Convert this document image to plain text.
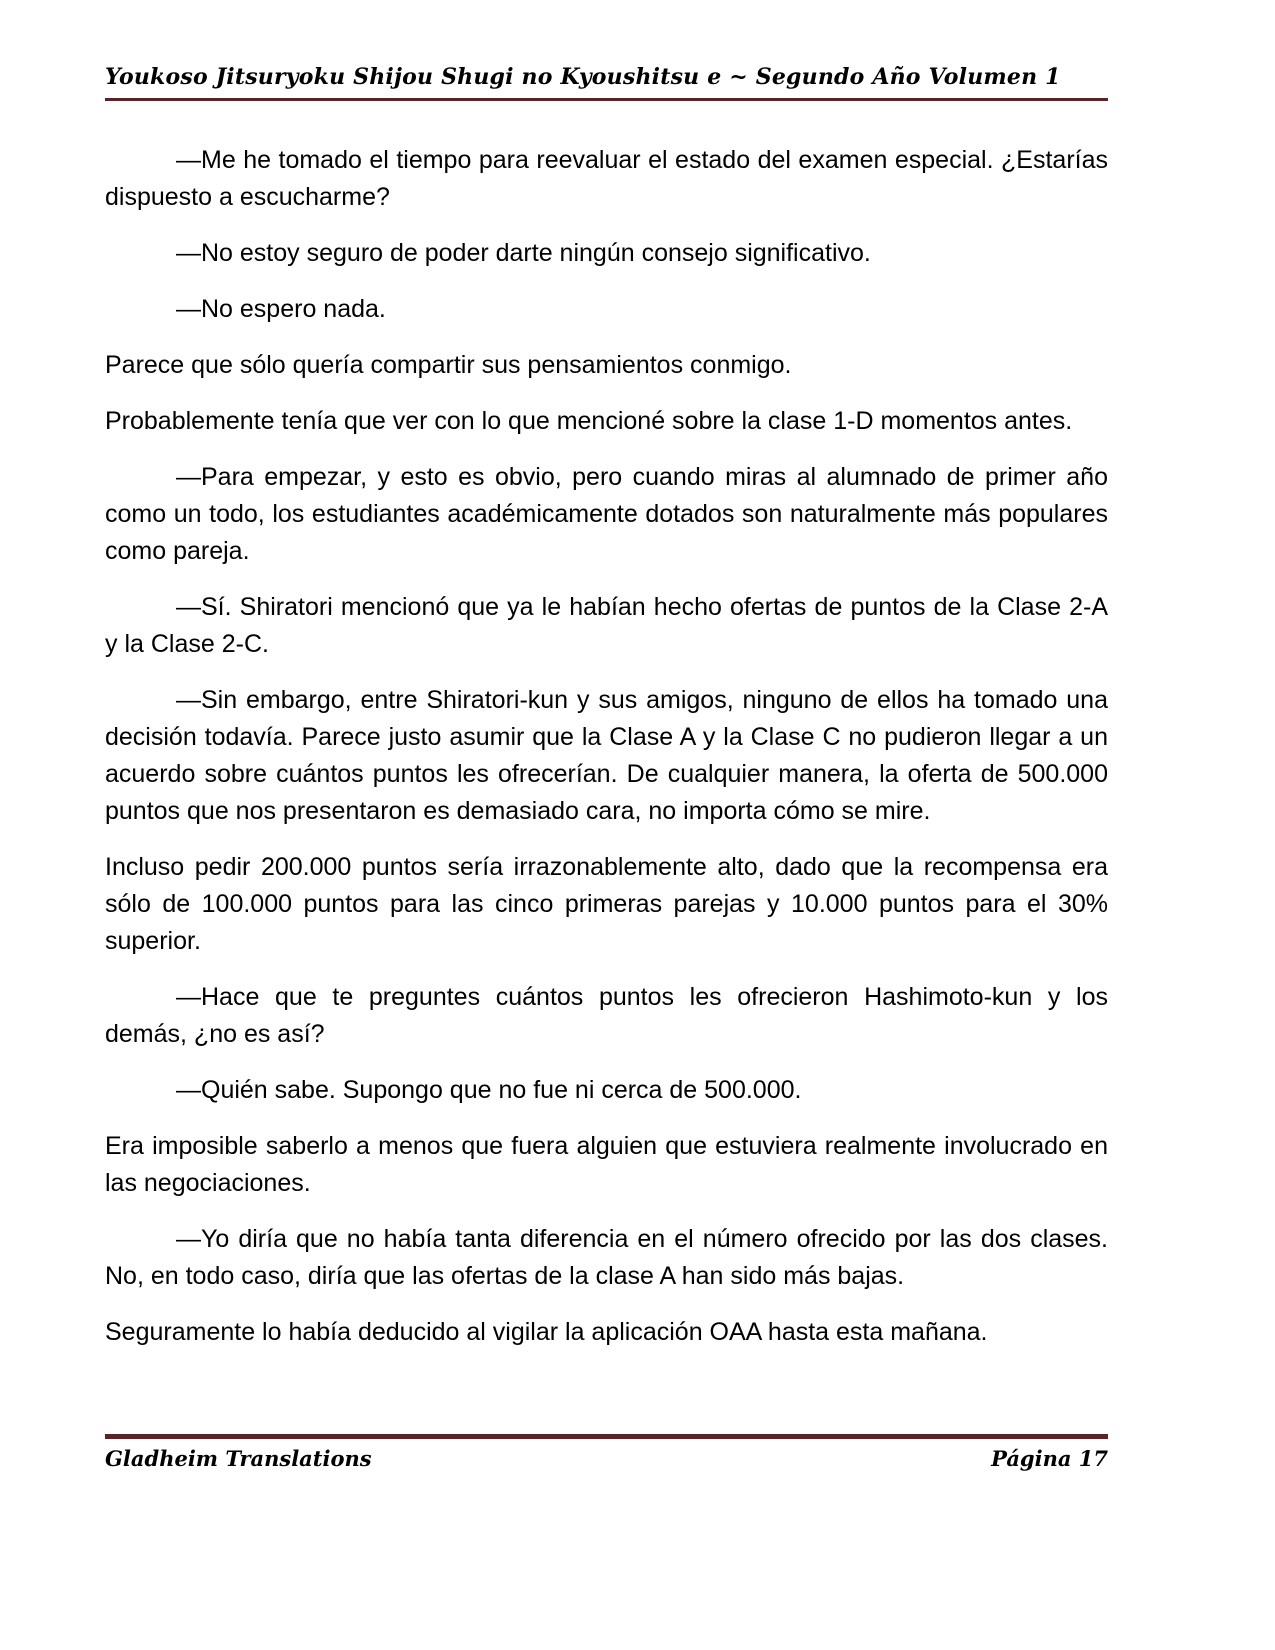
Youkoso Jitsuryoku Shijou Shugi no Kyoushitsu e ~ Segundo Año Volumen 1

—Me he tomado el tiempo para reevaluar el estado del examen especial. ¿Estarías dispuesto a escucharme?

—No estoy seguro de poder darte ningún consejo significativo.

—No espero nada.

Parece que sólo quería compartir sus pensamientos conmigo.

Probablemente tenía que ver con lo que mencioné sobre la clase 1-D momentos antes.

—Para empezar, y esto es obvio, pero cuando miras al alumnado de primer año como un todo, los estudiantes académicamente dotados son naturalmente más populares como pareja.

—Sí. Shiratori mencionó que ya le habían hecho ofertas de puntos de la Clase 2-A y la Clase 2-C.

—Sin embargo, entre Shiratori-kun y sus amigos, ninguno de ellos ha tomado una decisión todavía. Parece justo asumir que la Clase A y la Clase C no pudieron llegar a un acuerdo sobre cuántos puntos les ofrecerían. De cualquier manera, la oferta de 500.000 puntos que nos presentaron es demasiado cara, no importa cómo se mire.

Incluso pedir 200.000 puntos sería irrazonablemente alto, dado que la recompensa era sólo de 100.000 puntos para las cinco primeras parejas y 10.000 puntos para el 30% superior.

—Hace que te preguntes cuántos puntos les ofrecieron Hashimoto-kun y los demás, ¿no es así?

—Quién sabe. Supongo que no fue ni cerca de 500.000.

Era imposible saberlo a menos que fuera alguien que estuviera realmente involucrado en las negociaciones.

—Yo diría que no había tanta diferencia en el número ofrecido por las dos clases. No, en todo caso, diría que las ofertas de la clase A han sido más bajas.

Seguramente lo había deducido al vigilar la aplicación OAA hasta esta mañana.

Gladheim Translations	Página 17
